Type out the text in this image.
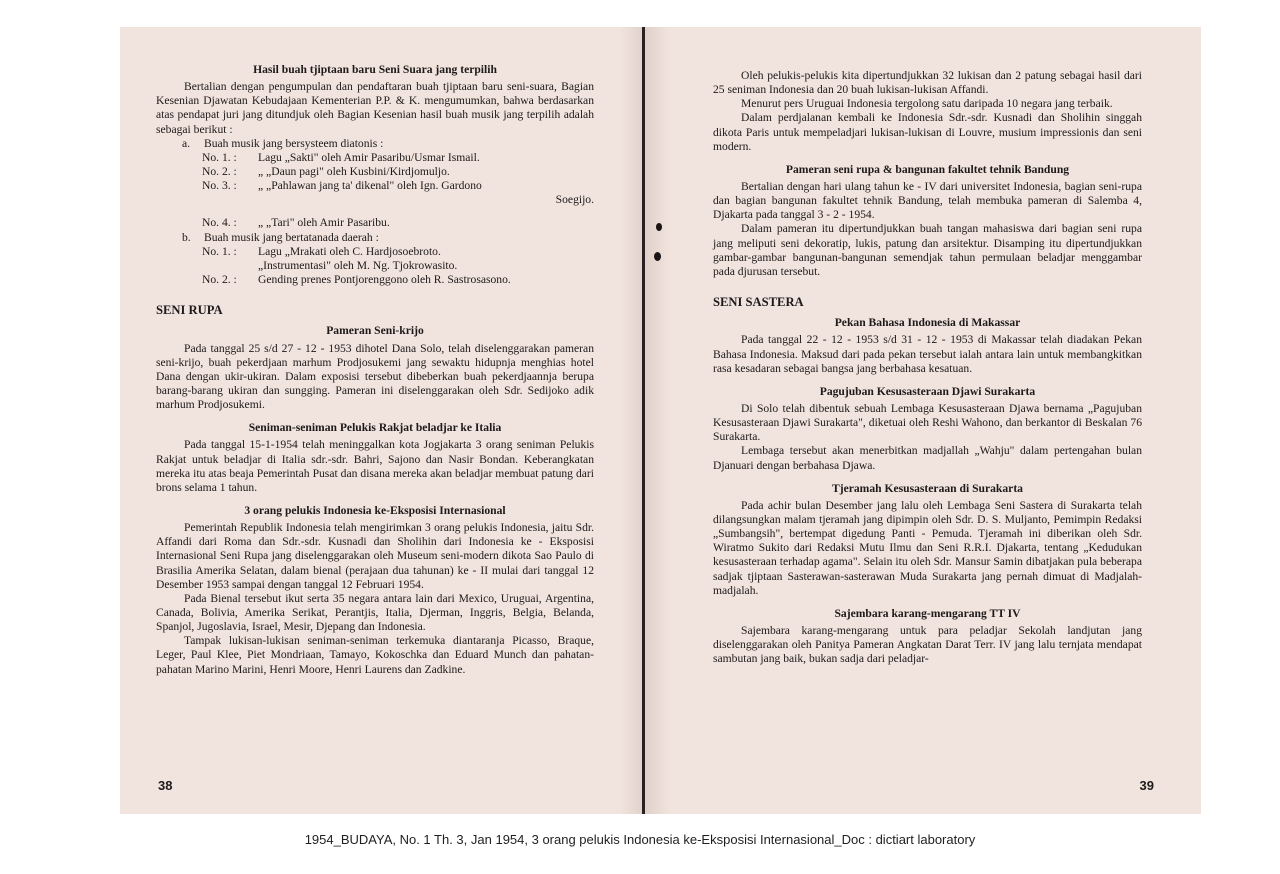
Hasil buah tjiptaan baru Seni Suara jang terpilih

Bertalian dengan pengumpulan dan pendaftaran buah tjiptaan baru seni-suara, Bagian Kesenian Djawatan Kebudajaan Kementerian P.P. & K. mengumumkan, bahwa berdasarkan atas pendapat juri jang ditundjuk oleh Bagian Kesenian hasil buah musik jang terpilih adalah sebagai berikut :

a.	Buah musik jang bersysteem diatonis :
No. 1. :	Lagu „Sakti" oleh Amir Pasaribu/Usmar Ismail.
No. 2. :	„ „Daun pagi" oleh Kusbini/Kirdjomuljo.
No. 3. :	„ „Pahlawan jang ta' dikenal" oleh Ign. Gardono
Soegijo.
No. 4. :	„ „Tari" oleh Amir Pasaribu.
b.	Buah musik jang bertatanada daerah :
No. 1. :	Lagu „Mrakati oleh C. Hardjosoebroto.
„Instrumentasi" oleh M. Ng. Tjokrowasito.
No. 2. :	Gending prenes Pontjorenggono oleh R. Sastrosasono.
SENI RUPA
Pameran Seni-krijo

Pada tanggal 25 s/d 27 - 12 - 1953 dihotel Dana Solo, telah diselenggarakan pameran seni-krijo, buah pekerdjaan marhum Prodjosukemi jang sewaktu hidupnja menghias hotel Dana dengan ukir-ukiran. Dalam exposisi tersebut dibeberkan buah pekerdjaannja berupa barang-barang ukiran dan sungging. Pameran ini diselenggarakan oleh Sdr. Sedijoko adik marhum Prodjosukemi.

Seniman-seniman Pelukis Rakjat beladjar ke Italia

Pada tanggal 15-1-1954 telah meninggalkan kota Jogjakarta 3 orang seniman Pelukis Rakjat untuk beladjar di Italia sdr.-sdr. Bahri, Sajono dan Nasir Bondan. Keberangkatan mereka itu atas beaja Pemerintah Pusat dan disana mereka akan beladjar membuat patung dari brons selama 1 tahun.

3 orang pelukis Indonesia ke-Eksposisi Internasional

Pemerintah Republik Indonesia telah mengirimkan 3 orang pelukis Indonesia, jaitu Sdr. Affandi dari Roma dan Sdr.-sdr. Kusnadi dan Sholihin dari Indonesia ke - Eksposisi Internasional Seni Rupa jang diselenggarakan oleh Museum seni-modern dikota Sao Paulo di Brasilia Amerika Selatan, dalam bienal (perajaan dua tahunan) ke - II mulai dari tanggal 12 Desember 1953 sampai dengan tanggal 12 Februari 1954.

Pada Bienal tersebut ikut serta 35 negara antara lain dari Mexico, Uruguai, Argentina, Canada, Bolivia, Amerika Serikat, Perantjis, Italia, Djerman, Inggris, Belgia, Belanda, Spanjol, Jugoslavia, Israel, Mesir, Djepang dan Indonesia.

Tampak lukisan-lukisan seniman-seniman terkemuka diantaranja Picasso, Braque, Leger, Paul Klee, Piet Mondriaan, Tamayo, Kokoschka dan Eduard Munch dan pahatan-pahatan Marino Marini, Henri Moore, Henri Laurens dan Zadkine.

38

Oleh pelukis-pelukis kita dipertundjukkan 32 lukisan dan 2 patung sebagai hasil dari 25 seniman Indonesia dan 20 buah lukisan-lukisan Affandi.

Menurut pers Uruguai Indonesia tergolong satu daripada 10 negara jang terbaik.

Dalam perdjalanan kembali ke Indonesia Sdr.-sdr. Kusnadi dan Sholihin singgah dikota Paris untuk mempeladjari lukisan-lukisan di Louvre, musium impressionis dan seni modern.

Pameran seni rupa & bangunan fakultet tehnik Bandung

Bertalian dengan hari ulang tahun ke - IV dari universitet Indonesia, bagian seni-rupa dan bagian bangunan fakultet tehnik Bandung, telah membuka pameran di Salemba 4, Djakarta pada tanggal 3 - 2 - 1954.

Dalam pameran itu dipertundjukkan buah tangan mahasiswa dari bagian seni rupa jang meliputi seni dekoratip, lukis, patung dan arsitektur. Disamping itu dipertundjukkan gambar-gambar bangunan-bangunan semendjak tahun permulaan beladjar menggambar pada djurusan tersebut.

SENI SASTERA
Pekan Bahasa Indonesia di Makassar

Pada tanggal 22 - 12 - 1953 s/d 31 - 12 - 1953 di Makassar telah diadakan Pekan Bahasa Indonesia. Maksud dari pada pekan tersebut ialah antara lain untuk membangkitkan rasa kesadaran sebagai bangsa jang berbahasa kesatuan.

Pagujuban Kesusasteraan Djawi Surakarta

Di Solo telah dibentuk sebuah Lembaga Kesusasteraan Djawa bernama „Pagujuban Kesusasteraan Djawi Surakarta", diketuai oleh Reshi Wahono, dan berkantor di Beskalan 76 Surakarta.

Lembaga tersebut akan menerbitkan madjallah „Wahju" dalam pertengahan bulan Djanuari dengan berbahasa Djawa.

Tjeramah Kesusasteraan di Surakarta

Pada achir bulan Desember jang lalu oleh Lembaga Seni Sastera di Surakarta telah dilangsungkan malam tjeramah jang dipimpin oleh Sdr. D. S. Muljanto, Pemimpin Redaksi „Sumbangsih", bertempat digedung Panti - Pemuda. Tjeramah ini diberikan oleh Sdr. Wiratmo Sukito dari Redaksi Mutu Ilmu dan Seni R.R.I. Djakarta, tentang „Kedudukan kesusasteraan terhadap agama". Selain itu oleh Sdr. Mansur Samin dibatjakan pula beberapa sadjak tjiptaan Sasterawan-sasterawan Muda Surakarta jang pernah dimuat di Madjalah-madjalah.

Sajembara karang-mengarang TT IV

Sajembara karang-mengarang untuk para peladjar Sekolah landjutan jang diselenggarakan oleh Panitya Pameran Angkatan Darat Terr. IV jang lalu ternjata mendapat sambutan jang baik, bukan sadja dari peladjar-

39
1954_BUDAYA, No. 1 Th. 3, Jan 1954, 3 orang pelukis Indonesia ke-Eksposisi Internasional_Doc : dictiart laboratory
